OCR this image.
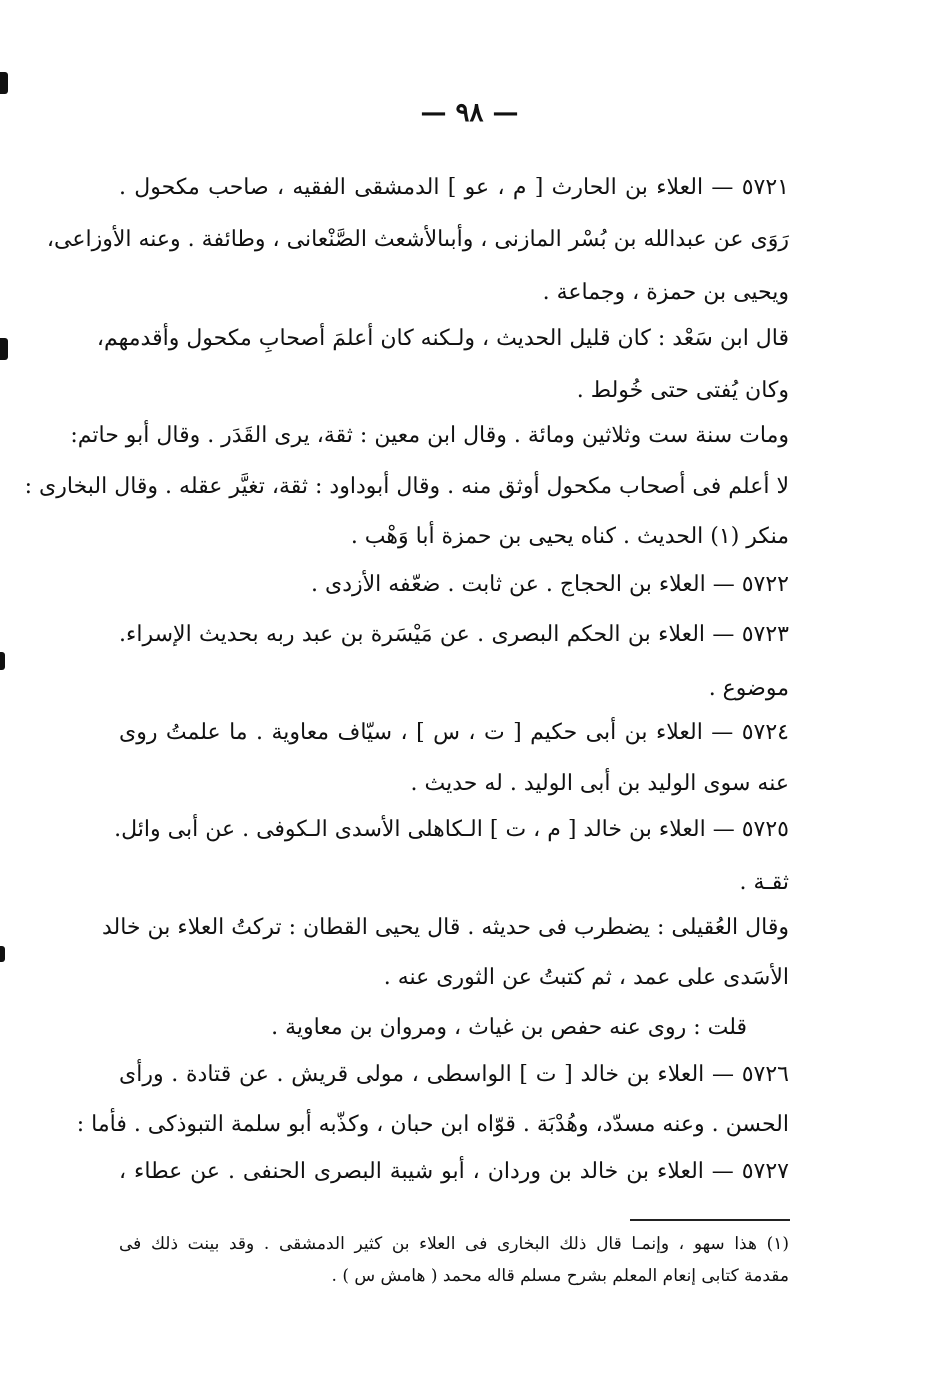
— ٩٨ —
٥٧٢١ — العلاء بن الحارث [ م ، عو ] الدمشقى الفقيه ، صاحب مكحول .
رَوَى عن عبدالله بن بُسْر المازنى ، وأبىالأشعث الصَّنْعانى ، وطائفة . وعنه الأوزاعى،
ويحيى بن حمزة ، وجماعة .
قال ابن سَعْد : كان قليل الحديث ، ولـكنه كان أعلمَ أصحابِ مكحول وأقدمهم،
وكان يُفتى حتى خُولط .
ومات سنة ست وثلاثين ومائة . وقال ابن معين : ثقة، يرى القَدَر . وقال أبو حاتم:
لا أعلم فى أصحاب مكحول أوثق منه . وقال أبوداود : ثقة، تغيَّر عقله . وقال البخارى :
منكر (١) الحديث . كناه يحيى بن حمزة أبا وَهْب .
٥٧٢٢ — العلاء بن الحجاج . عن ثابت . ضعّفه الأزدى .
٥٧٢٣ — العلاء بن الحكم البصرى . عن مَيْسَرة بن عبد ربه بحديث الإسراء.
موضوع .
٥٧٢٤ — العلاء بن أبى حكيم [ ت ، س ] ، سيّاف معاوية . ما علمتُ روى
عنه سوى الوليد بن أبى الوليد . له حديث .
٥٧٢٥ — العلاء بن خالد [ م ، ت ] الـكاهلى الأسدى الـكوفى . عن أبى وائل.
ثقـة .
وقال العُقيلى : يضطرب فى حديثه . قال يحيى القطان : تركتُ العلاء بن خالد
الأسَدى على عمد ، ثم كتبتُ عن الثورى عنه .
قلت : روى عنه حفص بن غياث ، ومروان بن معاوية .
٥٧٢٦ — العلاء بن خالد [ ت ] الواسطى ، مولى قريش . عن قتادة . ورأى
الحسن . وعنه مسدّد، وهُدْبَة . قوّاه ابن حبان ، وكذّبه أبو سلمة التبوذكى . فأما :
٥٧٢٧ — العلاء بن خالد بن وردان ، أبو شيبة البصرى الحنفى . عن عطاء ،
(١) هذا سهو ، وإنمـا قال ذلك البخارى فى العلاء بن كثير الدمشقى . وقد بينت ذلك فى
مقدمة كتابى إنعام المعلم بشرح مسلم قاله محمد ( هامش س ) .
